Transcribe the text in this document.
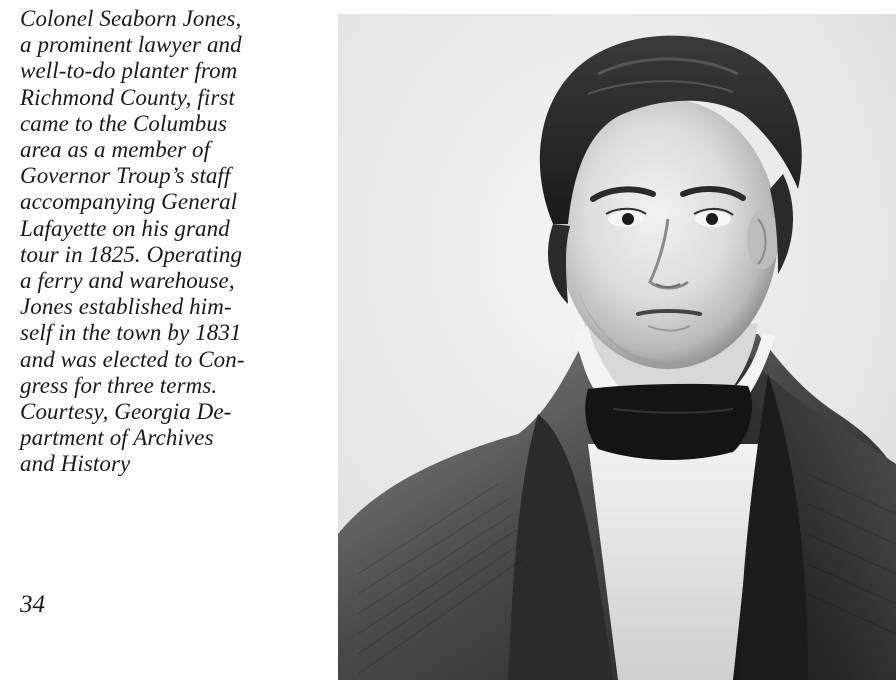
Colonel Seaborn Jones,
a prominent lawyer and
well-to-do planter from
Richmond County, first
came to the Columbus
area as a member of
Governor Troup’s staff
accompanying General
Lafayette on his grand
tour in 1825. Operating
a ferry and warehouse,
Jones established him-
self in the town by 1831
and was elected to Con-
gress for three terms.
Courtesy, Georgia De-
partment of Archives
and History
34
